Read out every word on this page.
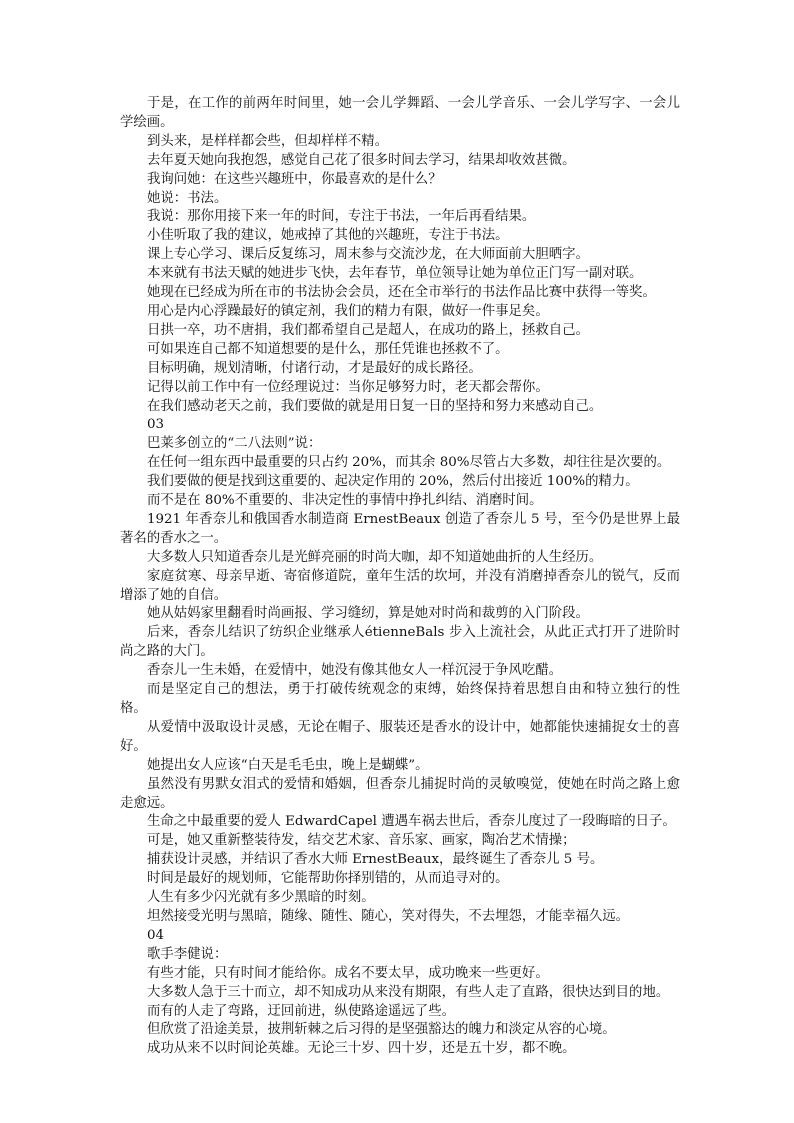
于是，在工作的前两年时间里，她一会儿学舞蹈、一会儿学音乐、一会儿学写字、一会儿学绘画。

到头来，是样样都会些，但却样样不精。

去年夏天她向我抱怨，感觉自己花了很多时间去学习，结果却收效甚微。

我询问她：在这些兴趣班中，你最喜欢的是什么？

她说：书法。

我说：那你用接下来一年的时间，专注于书法，一年后再看结果。

小佳听取了我的建议，她戒掉了其他的兴趣班，专注于书法。

课上专心学习、课后反复练习，周末参与交流沙龙，在大师面前大胆晒字。

本来就有书法天赋的她进步飞快，去年春节，单位领导让她为单位正门写一副对联。

她现在已经成为所在市的书法协会会员，还在全市举行的书法作品比赛中获得一等奖。

用心是内心浮躁最好的镇定剂，我们的精力有限，做好一件事足矣。

日拱一卒，功不唐捐，我们都希望自己是超人，在成功的路上，拯救自己。

可如果连自己都不知道想要的是什么，那任凭谁也拯救不了。

目标明确，规划清晰，付诸行动，才是最好的成长路径。

记得以前工作中有一位经理说过：当你足够努力时，老天都会帮你。

在我们感动老天之前，我们要做的就是用日复一日的坚持和努力来感动自己。

03

巴莱多创立的“二八法则”说：

在任何一组东西中最重要的只占约 20%，而其余 80%尽管占大多数，却往往是次要的。

我们要做的便是找到这重要的、起决定作用的 20%，然后付出接近 100%的精力。

而不是在 80%不重要的、非决定性的事情中挣扎纠结、消磨时间。

1921 年香奈儿和俄国香水制造商 ErnestBeaux 创造了香奈儿 5 号，至今仍是世界上最著名的香水之一。

大多数人只知道香奈儿是光鲜亮丽的时尚大咖，却不知道她曲折的人生经历。

家庭贫寒、母亲早逝、寄宿修道院，童年生活的坎坷，并没有消磨掉香奈儿的锐气，反而增添了她的自信。

她从姑妈家里翻看时尚画报、学习缝纫，算是她对时尚和裁剪的入门阶段。

后来，香奈儿结识了纺织企业继承人étienneBals 步入上流社会，从此正式打开了进阶时尚之路的大门。

香奈儿一生未婚，在爱情中，她没有像其他女人一样沉浸于争风吃醋。

而是坚定自己的想法，勇于打破传统观念的束缚，始终保持着思想自由和特立独行的性格。

从爱情中汲取设计灵感，无论在帽子、服装还是香水的设计中，她都能快速捕捉女士的喜好。

她提出女人应该“白天是毛毛虫，晚上是蝴蝶”。

虽然没有男默女泪式的爱情和婚姻，但香奈儿捕捉时尚的灵敏嗅觉，使她在时尚之路上愈走愈远。

生命之中最重要的爱人 EdwardCapel 遭遇车祸去世后，香奈儿度过了一段晦暗的日子。

可是，她又重新整装待发，结交艺术家、音乐家、画家，陶冶艺术情操；

捕获设计灵感，并结识了香水大师 ErnestBeaux，最终诞生了香奈儿 5 号。

时间是最好的规划师，它能帮助你择别错的，从而追寻对的。

人生有多少闪光就有多少黑暗的时刻。

坦然接受光明与黑暗，随缘、随性、随心，笑对得失，不去埋怨，才能幸福久远。

04

歌手李健说：

有些才能，只有时间才能给你。成名不要太早，成功晚来一些更好。

大多数人急于三十而立，却不知成功从来没有期限，有些人走了直路，很快达到目的地。

而有的人走了弯路，迂回前进，纵使路途遥远了些。

但欣赏了沿途美景，披荆斩棘之后习得的是坚强豁达的魄力和淡定从容的心境。

成功从来不以时间论英雄。无论三十岁、四十岁，还是五十岁，都不晚。
